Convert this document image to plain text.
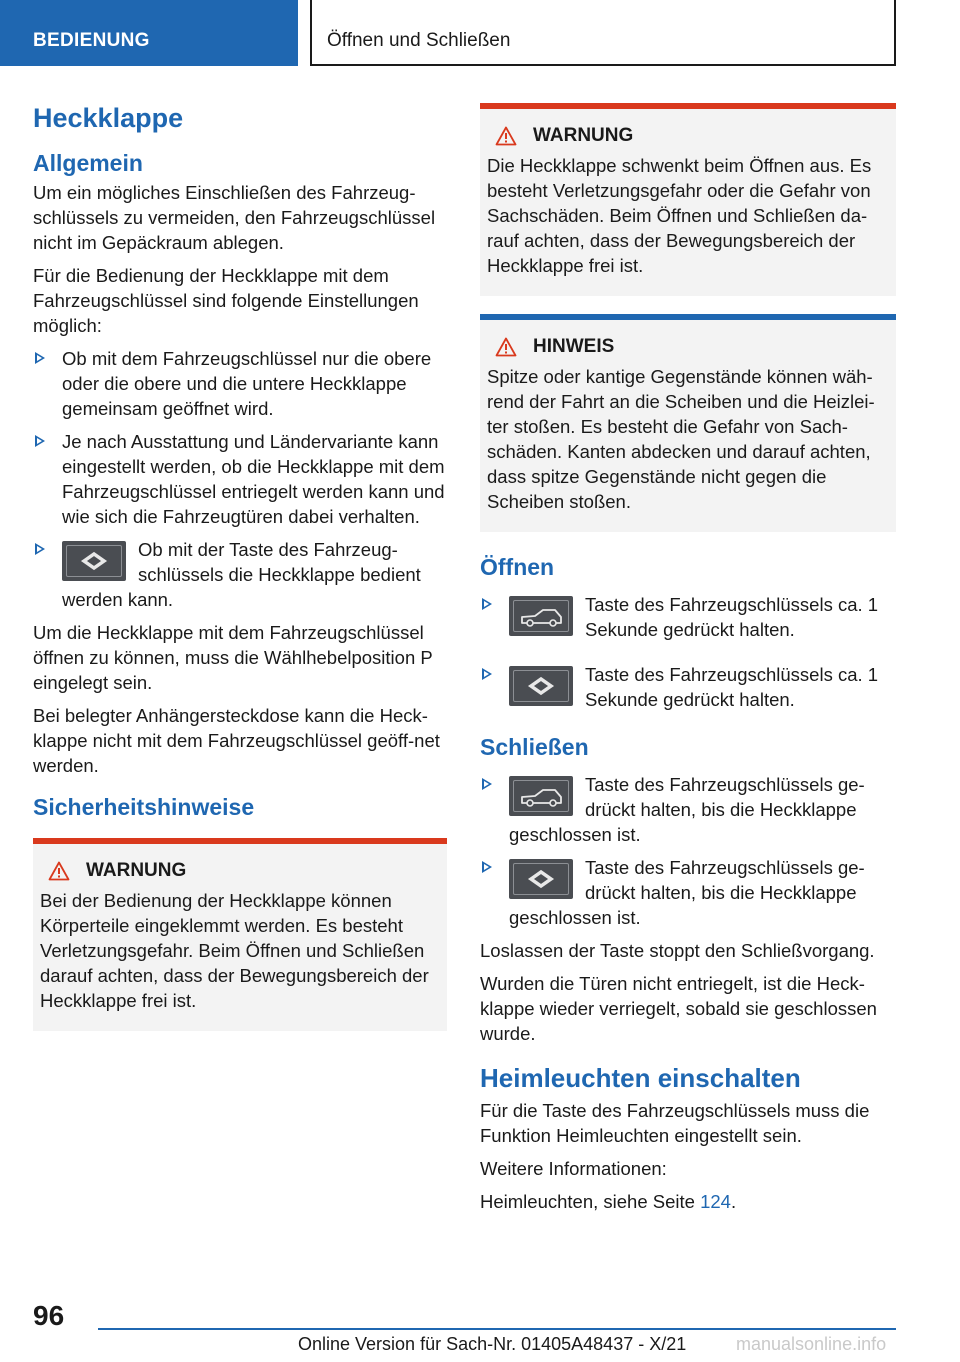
BEDIENUNG	Öffnen und Schließen
Heckklappe
Allgemein

Um ein mögliches Einschließen des Fahrzeug-schlüssels zu vermeiden, den Fahrzeugschlüssel nicht im Gepäckraum ablegen.

Für die Bedienung der Heckklappe mit dem Fahrzeugschlüssel sind folgende Einstellungen möglich:

Ob mit dem Fahrzeugschlüssel nur die obere oder die obere und die untere Heckklappe gemeinsam geöffnet wird.
Je nach Ausstattung und Ländervariante kann eingestellt werden, ob die Heckklappe mit dem Fahrzeugschlüssel entriegelt werden kann und wie sich die Fahrzeugtüren dabei verhalten.
Ob mit der Taste des Fahrzeug-schlüssels die Heckklappe bedient werden kann.

Um die Heckklappe mit dem Fahrzeugschlüssel öffnen zu können, muss die Wählhebelposition P eingelegt sein.

Bei belegter Anhängersteckdose kann die Heck-klappe nicht mit dem Fahrzeugschlüssel geöff-net werden.

Sicherheitshinweise
WARNUNG

Bei der Bedienung der Heckklappe können Körperteile eingeklemmt werden. Es besteht Verletzungsgefahr. Beim Öffnen und Schließen darauf achten, dass der Bewegungsbereich der Heckklappe frei ist.

WARNUNG

Die Heckklappe schwenkt beim Öffnen aus. Es besteht Verletzungsgefahr oder die Gefahr von Sachschäden. Beim Öffnen und Schließen da-rauf achten, dass der Bewegungsbereich der Heckklappe frei ist.

HINWEIS

Spitze oder kantige Gegenstände können wäh-rend der Fahrt an die Scheiben und die Heizlei-ter stoßen. Es besteht die Gefahr von Sach-schäden. Kanten abdecken und darauf achten, dass spitze Gegenstände nicht gegen die Scheiben stoßen.

Öffnen
Taste des Fahrzeugschlüssels ca. 1 Sekunde gedrückt halten.
Taste des Fahrzeugschlüssels ca. 1 Sekunde gedrückt halten.
Schließen
Taste des Fahrzeugschlüssels ge-drückt halten, bis die Heckklappe geschlossen ist.
Taste des Fahrzeugschlüssels ge-drückt halten, bis die Heckklappe geschlossen ist.

Loslassen der Taste stoppt den Schließvorgang.

Wurden die Türen nicht entriegelt, ist die Heck-klappe wieder verriegelt, sobald sie geschlossen wurde.

Heimleuchten einschalten

Für die Taste des Fahrzeugschlüssels muss die Funktion Heimleuchten eingestellt sein.

Weitere Informationen:

Heimleuchten, siehe Seite 124.

96
Online Version für Sach-Nr. 01405A48437 - X/21	manualsonline.info
